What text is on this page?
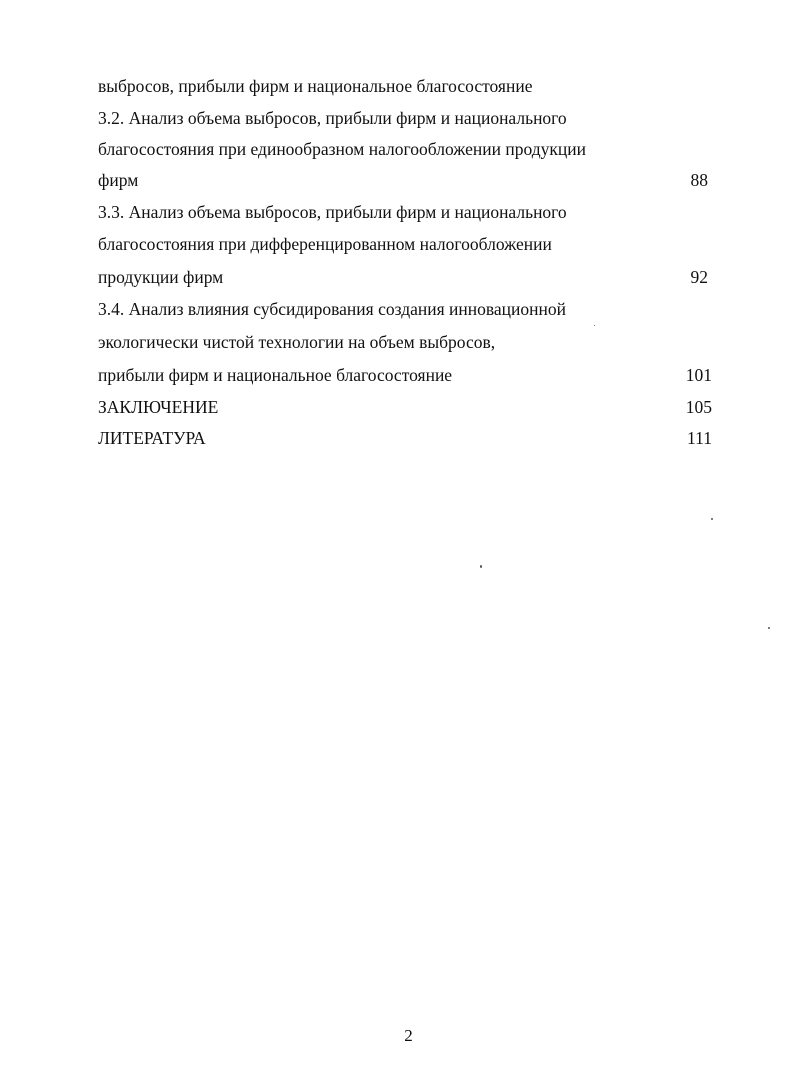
выбросов, прибыли фирм и национальное благосостояние
3.2. Анализ объема выбросов, прибыли фирм и национального
благосостояния при единообразном налогообложении продукции
фирм	88
3.3. Анализ объема выбросов, прибыли фирм и национального
благосостояния при дифференцированном налогообложении
продукции фирм	92
3.4. Анализ влияния субсидирования создания инновационной
экологически чистой технологии на объем выбросов,
прибыли фирм и национальное благосостояние	101
ЗАКЛЮЧЕНИЕ	105
ЛИТЕРАТУРА	111
2
